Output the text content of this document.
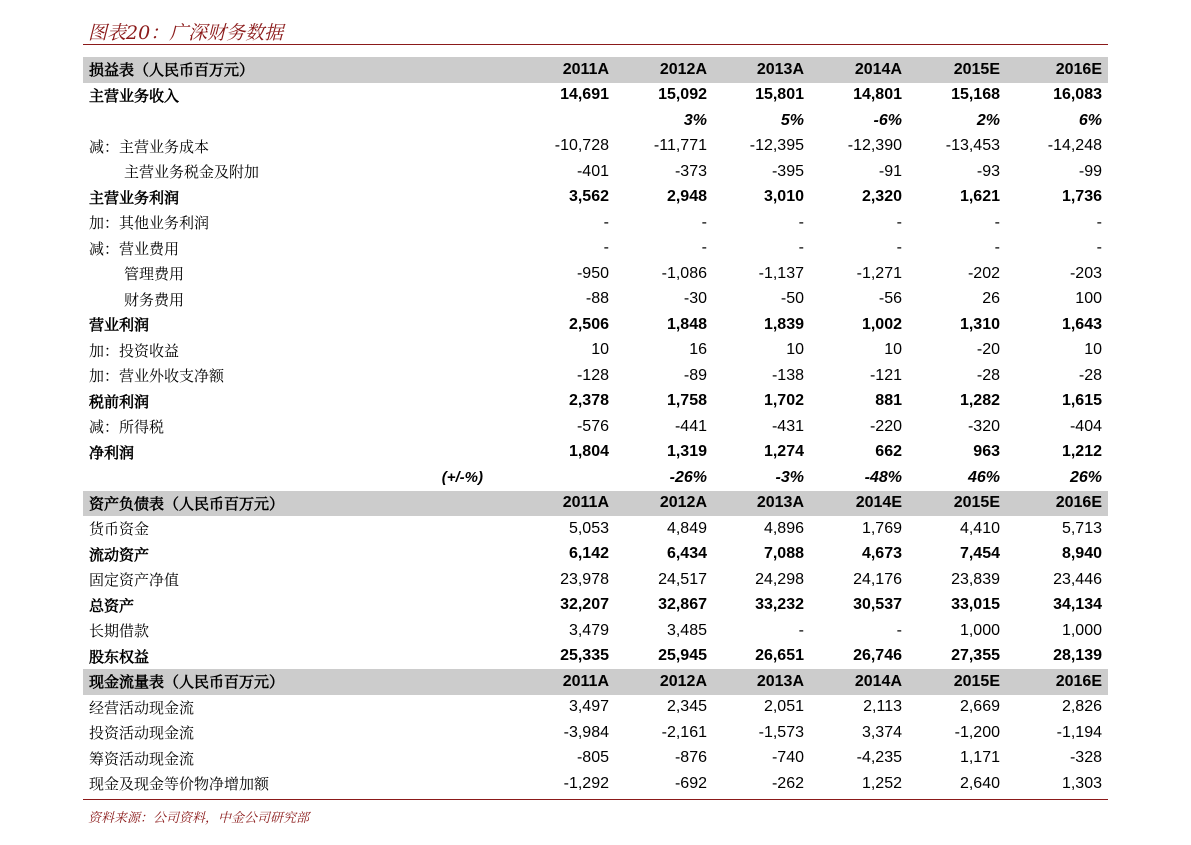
图表20：广深财务数据
损益表（人民币百万元）	2011A	2012A	2013A	2014A	2015E	2016E
主营业务收入	14,691	15,092	15,801	14,801	15,168	16,083
		3%	5%	-6%	2%	6%
减：主营业务成本	-10,728	-11,771	-12,395	-12,390	-13,453	-14,248
主营业务税金及附加	-401	-373	-395	-91	-93	-99
主营业务利润	3,562	2,948	3,010	2,320	1,621	1,736
加：其他业务利润	-	-	-	-	-	-
减：营业费用	-	-	-	-	-	-
管理费用	-950	-1,086	-1,137	-1,271	-202	-203
财务费用	-88	-30	-50	-56	26	100
营业利润	2,506	1,848	1,839	1,002	1,310	1,643
加：投资收益	10	16	10	10	-20	10
加：营业外收支净额	-128	-89	-138	-121	-28	-28
税前利润	2,378	1,758	1,702	881	1,282	1,615
减：所得税	-576	-441	-431	-220	-320	-404
净利润	1,804	1,319	1,274	662	963	1,212
(+/-%)		-26%	-3%	-48%	46%	26%
资产负债表（人民币百万元）	2011A	2012A	2013A	2014E	2015E	2016E
货币资金	5,053	4,849	4,896	1,769	4,410	5,713
流动资产	6,142	6,434	7,088	4,673	7,454	8,940
固定资产净值	23,978	24,517	24,298	24,176	23,839	23,446
总资产	32,207	32,867	33,232	30,537	33,015	34,134
长期借款	3,479	3,485	-	-	1,000	1,000
股东权益	25,335	25,945	26,651	26,746	27,355	28,139
现金流量表（人民币百万元）	2011A	2012A	2013A	2014A	2015E	2016E
经营活动现金流	3,497	2,345	2,051	2,113	2,669	2,826
投资活动现金流	-3,984	-2,161	-1,573	3,374	-1,200	-1,194
筹资活动现金流	-805	-876	-740	-4,235	1,171	-328
现金及现金等价物净增加额	-1,292	-692	-262	1,252	2,640	1,303
资料来源：公司资料，中金公司研究部
